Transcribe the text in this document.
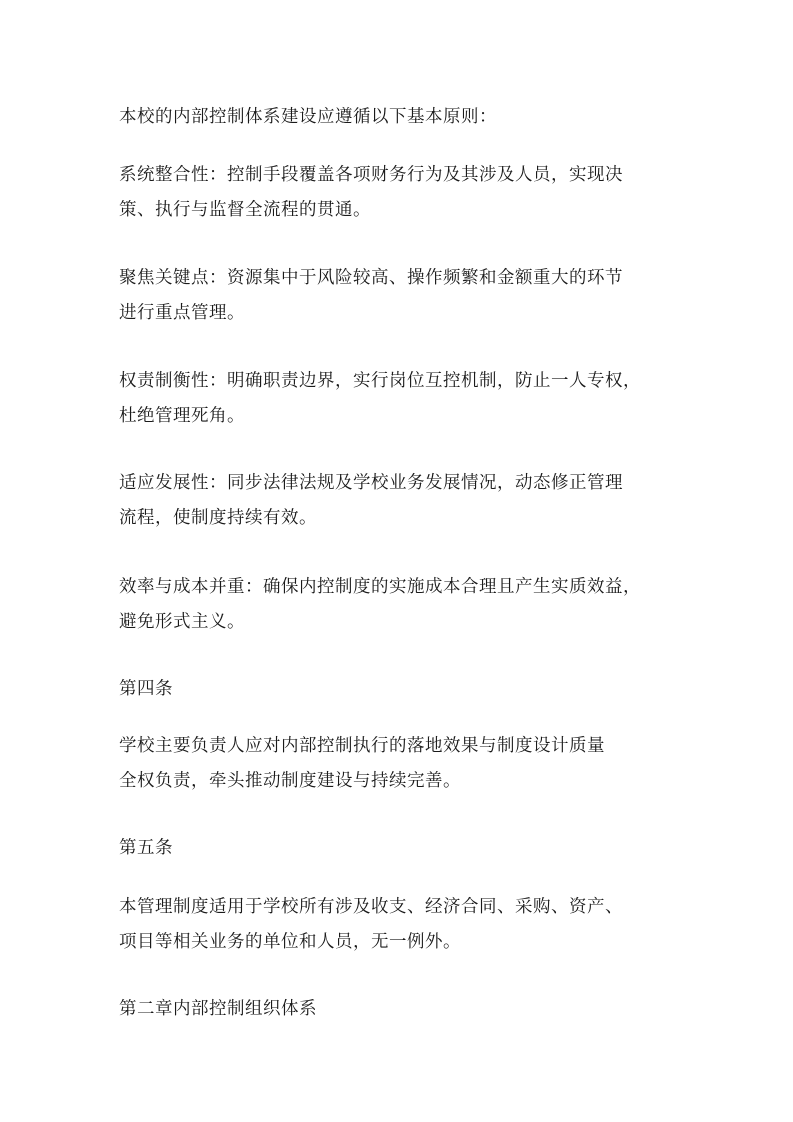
本校的内部控制体系建设应遵循以下基本原则：

系统整合性：控制手段覆盖各项财务行为及其涉及人员，实现决
策、执行与监督全流程的贯通。

聚焦关键点：资源集中于风险较高、操作频繁和金额重大的环节
进行重点管理。

权责制衡性：明确职责边界，实行岗位互控机制，防止一人专权，
杜绝管理死角。

适应发展性：同步法律法规及学校业务发展情况，动态修正管理
流程，使制度持续有效。

效率与成本并重：确保内控制度的实施成本合理且产生实质效益，
避免形式主义。

第四条

学校主要负责人应对内部控制执行的落地效果与制度设计质量
全权负责，牵头推动制度建设与持续完善。

第五条

本管理制度适用于学校所有涉及收支、经济合同、采购、资产、
项目等相关业务的单位和人员，无一例外。

第二章内部控制组织体系
